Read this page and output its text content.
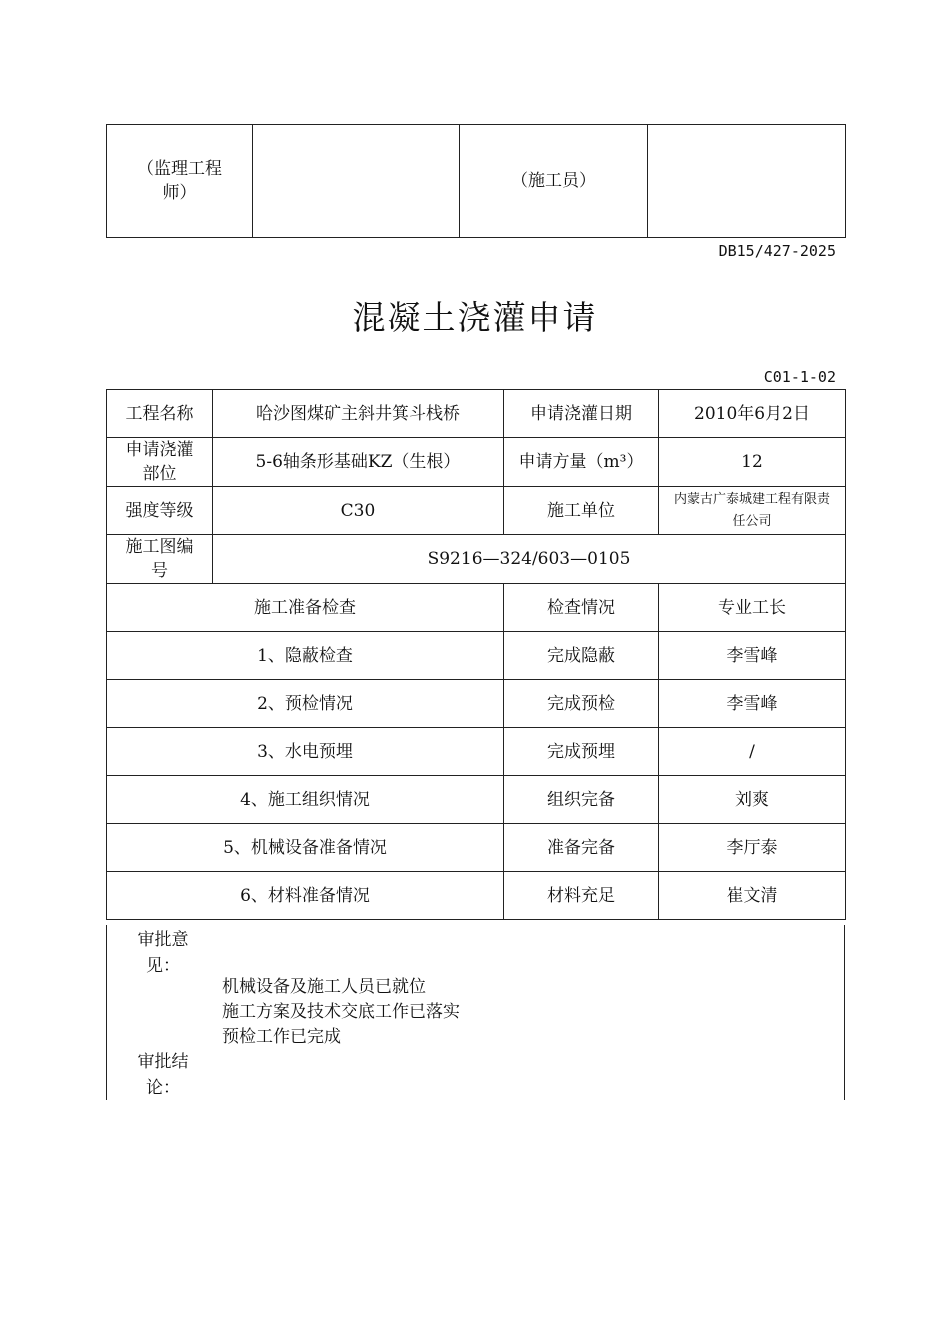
（监理工程师）		（施工员）	
DB15/427-2025
混凝土浇灌申请
C01-1-02
工程名称	哈沙图煤矿主斜井箕斗栈桥	申请浇灌日期	2010年6月2日
申请浇灌部位	5-6轴条形基础KZ（生根）	申请方量（m³）	12
强度等级	C30	施工单位	内蒙古广泰城建工程有限责任公司
施工图编号	S9216—324/603—0105		
施工准备检查		检查情况	专业工长
1、隐蔽检查		完成隐蔽	李雪峰
2、预检情况		完成预检	李雪峰
3、水电预埋		完成预埋	/
4、施工组织情况		组织完备	刘爽
5、机械设备准备情况		准备完备	李厅泰
6、材料准备情况		材料充足	崔文清
审批意见：
机械设备及施工人员已就位
施工方案及技术交底工作已落实
预检工作已完成
审批结论：
